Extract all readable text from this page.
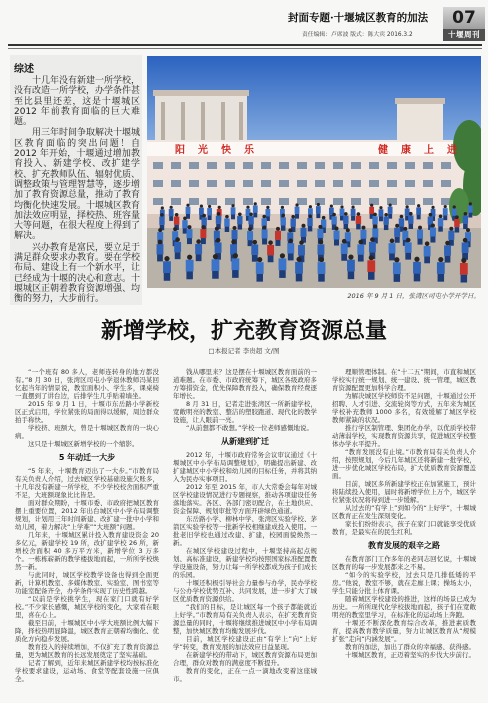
封面专题·十堰城区教育的加法
责任编辑：卢席波 版式：陈大宾 2016.3.2
07
十堰周刊
综述

十几年没有新建一所学校，没有改造一所学校，办学条件甚至比县里还差，这是十堰城区 2012 年前教育面临的巨大难题。

用三年时间争取解决十堰城区教育面临的突出问题！自 2012 年开始，十堰通过增加教育投入、新建学校、改扩建学校、扩充教师队伍、辐射优质、调整政策与管理智慧等，逐步增加了教育资源总量，推动了教育均衡化快速发展。十堰城区教育加法效应明显，择校热、班容量大等问题，在很大程度上得到了解决。

兴办教育是富民，要立足于满足群众要求办教育。要在学校布局、建设上有一个新水平，让已经成为十堰的决心和意志。十堰城区正朝着教育资源增强、均衡的努力，大步前行。

阳光快乐	健康上进
2016 年 9 月 1 日，张湾区司屯小学开学日。
新增学校，扩充教育资源总量
□本报记者 李贵超 文/图

“一个班有 80 多人，老师连转身的地方都没有。”8 月 30 日，张湾区司屯小学退休教师冯某回忆起当年的情景说，教室面积小、学生多，课桌椅一直摆到了讲台边，后排学生几乎贴着墙坐。

2015 年 9 月 1 日，十堰市东岳路小学新校区正式启用，学位紧张的局面得以缓解，周边群众拍手称快。

学校挤、班额大，曾是十堰城区教育的一块心病。

这只是十堰城区新增学校的一个缩影。

5 年动迁一大步

“5 年来，十堰教育迈出了一大步。”市教育局有关负责人介绍，过去城区学校基础设施欠账多，十几年没有新建一所学校，不少学校校舍面积严重不足，大班额现象比比皆是。

面对群众期盼，十堰市委、市政府把城区教育摆上重要位置，2012 年出台城区中小学布局调整规划，计划用三年时间新建、改扩建一批中小学和幼儿园，着力解决“上学难”“大班额”问题。

几年来，十堰城区累计投入教育建设资金 20 多亿元，新建学校 19 所，改扩建学校 26 所，新增校舍面积 40 多万平方米，新增学位 3 万多个。一栋栋崭新的教学楼拔地而起，一所所学校焕然一新。

与此同时，城区学校教学设备也得到全面更新，计算机教室、多媒体教室、实验室、图书室等功能室配备齐全，办学条件实现了历史性跨越。

“以前是学校挑学生，现在家门口就有好学校。”不少家长感慨，城区学校的变化，大家看在眼里，喜在心上。

截至目前，十堰城区中小学大班额比例大幅下降，择校热明显降温，城区教育正朝着均衡化、优质化方向稳步发展。

教育投入的持续增加，不仅扩充了教育资源总量，更为城区教育的长远发展奠定了坚实基础。

记者了解到，近年来城区新建学校均按标准化学校要求建设，运动场、食堂等配套设施一应俱全。

钱从哪里来？这是摆在十堰城区教育面前的一道难题。在市委、市政府统筹下，城区各级政府多方筹措资金，优先保障教育投入，确保教育经费逐年增长。

8 月 31 日，记者走进张湾区一所新建学校，宽敞明亮的教室、整洁的塑胶跑道、现代化的教学设施，让人眼前一亮。

“从前想都不敢想。”学校一位老师感慨地说。

从新建到扩迁

2012 年，十堰市政府常务会议审议通过《十堰城区中小学布局调整规划》，明确提出新建、改扩建城区中小学校和幼儿园的目标任务，并将其纳入为民办实事项目。

2012 年至 2015 年，市人大常委会每年对城区学校建设情况进行专题视察，推动各项建设任务落地落实。各区、各部门密切配合，在土地供应、资金保障、规划审批等方面开辟绿色通道。

东岳路小学、柳林中学、张湾区实验学校、茅箭区实验学校等一批新学校相继建成投入使用。一批老旧学校也通过改建、扩建，校园面貌焕然一新。

在城区学校建设过程中，十堰坚持高起点规划、高标准建设，新建学校均按照国家标准配置教学设施设备，努力让每一所学校都成为孩子们成长的乐园。

十堰还积极引导社会力量参与办学，民办学校与公办学校优势互补、共同发展，进一步扩大了城区优质教育资源供给。

“我们的目标，是让城区每一个孩子都能就近上好学。”市教育局有关负责人表示，在扩充教育资源总量的同时，十堰将继续推进城区中小学布局调整，加快城区教育均衡发展步伐。

目前，城区学校建设正由“有学上”向“上好学”转变，教育发展的加法效应日益显现。

在新建学校的带动下，城区教育资源布局更加合理，群众对教育的满意度不断提升。

教育的变化，正在一点一滴地改变着这座城市。

理顺管理体制。在“十二五”期间，市直和城区学校实行统一规划、统一建设、统一管理，城区教育资源配置更加科学合理。

为解决城区学校师资不足问题，十堰通过公开招聘、人才引进、交流轮岗等方式，五年来为城区学校补充教师 1000 多名，有效缓解了城区学校教师紧缺的状况。

推行学区制管理、集团化办学，以优质学校带动薄弱学校，实现教育资源共享，促进城区学校整体办学水平提升。

“教育发展没有止境。”市教育局有关负责人介绍，按照规划，今后几年城区还将新建一批学校，进一步优化城区学校布局，扩大优质教育资源覆盖面。

目前，城区多所新建学校正在加紧施工，预计将陆续投入使用，届时将新增学位上万个，城区学位紧张状况将得到进一步缓解。

从过去的“有学上”到如今的“上好学”，十堰城区教育正在发生深刻变化。

家长们纷纷表示，孩子在家门口就能享受优质教育，是最实在的民生红利。

教育发展的艰辛之路

在教育部门工作多年的老同志回忆说，十堰城区教育的每一步发展都来之不易。

“如今的实验学校，过去只是几排低矮的平房。”他说，教室不够，就在走廊上课；操场太小，学生只能分批上体育课。

随着城区学校建设的推进，这样的场景已成为历史。一所所现代化学校拔地而起，孩子们在宽敞明亮的教室里学习，在标准化的运动场上奔跑。

十堰还不断深化教育综合改革，推进素质教育，提高教育教学质量，努力让城区教育从“规模扩张”走向“内涵发展”。

教育的加法，加出了群众的幸福感、获得感。

十堰城区教育，正迈着坚实的步伐大步前行。
